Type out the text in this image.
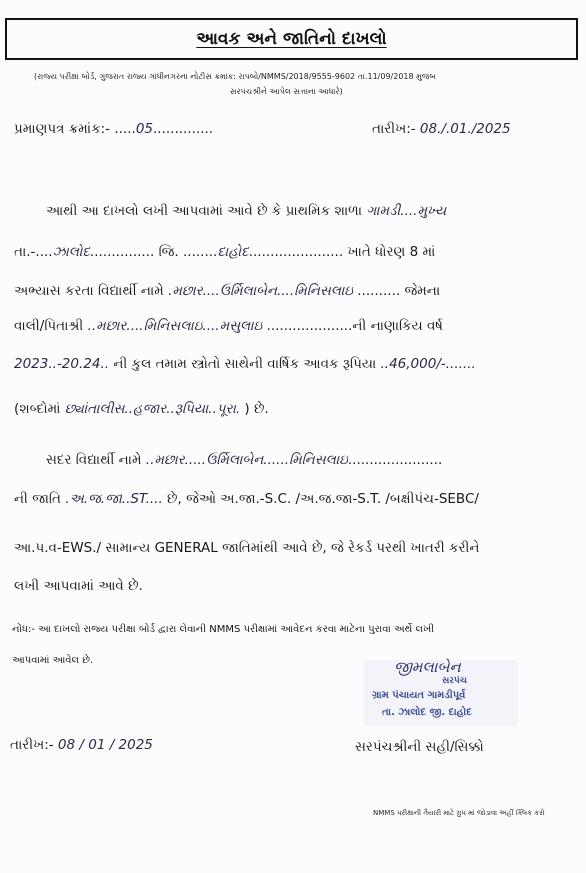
આવક અને જાતિનો દાખલો
(રાજ્ય પરીક્ષા બોર્ડ, ગુજરાત રાજ્ય ગાંધીનગરના નોટીસ ક્રમાંક: રાપબો/NMMS/2018/9555-9602 તા.11/09/2018 મુજબ
સરપંચશ્રીને આપેલ સત્તાના આધારે)
પ્રમાણપત્ર ક્રમાંક:- .....05..............	તારીખ:- 08./.01./2025
આથી આ દાખલો લખી આપવામાં આવે છે કે પ્રાથમિક શાળા ગામડી....મુખ્ય
તા.-....ઝાલોદ............... જિ. ........દાહોદ...................... ખાતે ધોરણ 8 માં
અભ્યાસ કરતા વિદ્યાર્થી નામે .મછાર....ઉર્મિલાબેન....મિનિસલાઇ .......... જેમના
વાલી/પિતાશ્રી ..મછાર....મિનિસલાઇ....મસુલાઇ ....................ની નાણાકિય વર્ષ
2023..-20.24.. ની કુલ તમામ સ્ત્રોતો સાથેની વાર્ષિક આવક રૂપિયા ..46,000/-.......
(શબ્દોમાં છ્યાંતાલીસ..હજાર..રૂપિયા..પૂરા. ) છે.
સદર વિદ્યાર્થી નામે ..મછાર.....ઉર્મિલાબેન......મિનિસલાઇ......................
ની જાતિ .અ.જ.જા..ST.... છે, જેઓ અ.જા.-S.C. /અ.જ.જા-S.T. /બક્ષીપંચ-SEBC/
આ.પ.વ-EWS./ સામાન્ય GENERAL જાતિમાંથી આવે છે, જે રેકર્ડ પરથી ખાતરી કરીને
લખી આપવામાં આવે છે.
નોંધ:- આ દાખલો રાજ્ય પરીક્ષા બોર્ડ દ્વારા લેવાની NMMS પરીક્ષામાં આવેદન કરવા માટેના પુરાવા અર્થે લખી
આપવામાં આવેલ છે.	જીમલાબેન
સરપંચ
ગ્રામ પંચાયત ગામડીપૂર્વ
તા. ઝાલોદ જી. દાહોદ
તારીખ:- 08 / 01 / 2025	સરપંચશ્રીની સહી/સિક્કો
NMMS પરીક્ષાની તૈયારી માટે ગ્રુપ માં જોડાવા અહીં ક્લિક કરો
